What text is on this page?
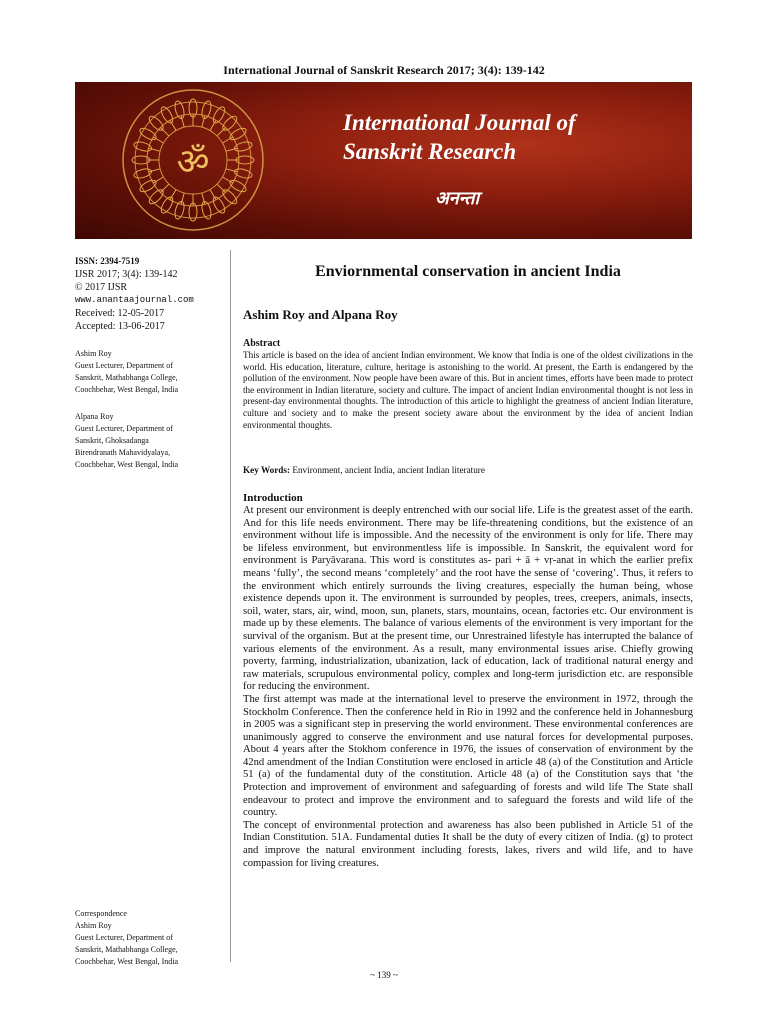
International Journal of Sanskrit Research 2017; 3(4): 139-142
ॐ
International Journal of
Sanskrit Research
अनन्ता
ISSN: 2394-7519
IJSR 2017; 3(4): 139-142
© 2017 IJSR
www.anantaajournal.com
Received: 12-05-2017
Accepted: 13-06-2017
Ashim Roy
Guest Lecturer, Department of
Sanskrit, Mathabhanga College,
Coochbehar, West Bengal, India
Alpana Roy
Guest Lecturer, Department of
Sanskrit, Ghoksadanga
Birendranath Mahavidyalaya,
Coochbehar, West Bengal, India
Enviornmental conservation in ancient India
Ashim Roy and Alpana Roy
Abstract
This article is based on the idea of ancient Indian environment. We know that India is one of the oldest civilizations in the world. His education, literature, culture, heritage is astonishing to the world. At present, the Earth is endangered by the pollution of the environment. Now people have been aware of this. But in ancient times, efforts have been made to protect the environment in Indian literature, society and culture. The impact of ancient Indian environmental thought is not less in present-day environmental thoughts. The introduction of this article to highlight the greatness of ancient Indian literature, culture and society and to make the present society aware about the environment by the idea of ancient Indian environmental thoughts.
Key Words: Environment, ancient India, ancient Indian literature
Introduction

At present our environment is deeply entrenched with our social life. Life is the greatest asset of the earth. And for this life needs environment. There may be life-threatening conditions, but the existence of an environment without life is impossible. And the necessity of the environment is only for life. There may be lifeless environment, but environmentless life is impossible. In Sanskrit, the equivalent word for environment is Paryāvarana. This word is constitutes as- pari + ā + vṛ-anat in which the earlier prefix means ‘fully’, the second means ‘completely’ and the root have the sense of ‘covering’. Thus, it refers to the environment which entirely surrounds the living creatures, especially the human being, whose existence depends upon it. The environment is surrounded by peoples, trees, creepers, animals, insects, soil, water, stars, air, wind, moon, sun, planets, stars, mountains, ocean, factories etc. Our environment is made up by these elements. The balance of various elements of the environment is very important for the survival of the organism. But at the present time, our Unrestrained lifestyle has interrupted the balance of various elements of the environment. As a result, many environmental issues arise. Chiefly growing poverty, farming, industrialization, ubanization, lack of education, lack of traditional natural energy and raw materials, scrupulous environmental policy, complex and long-term jurisdiction etc. are responsible for reducing the environment.

The first attempt was made at the international level to preserve the environment in 1972, through the Stockholm Conference. Then the conference held in Rio in 1992 and the conference held in Johannesburg in 2005 was a significant step in preserving the world environment. These environmental conferences are unanimously aggred to conserve the environment and use natural forces for developmental purposes. About 4 years after the Stokhom conference in 1976, the issues of conservation of environment by the 42nd amendment of the Indian Constitution were enclosed in article 48 (a) of the Constitution and Article 51 (a) of the fundamental duty of the constitution. Article 48 (a) of the Constitution says that ‘the Protection and improvement of environment and safeguarding of forests and wild life The State shall endeavour to protect and improve the environment and to safeguard the forests and wild life of the country.

The concept of environmental protection and awareness has also been published in Article 51 of the Indian Constitution. 51A. Fundamental duties It shall be the duty of every citizen of India. (g) to protect and improve the natural environment including forests, lakes, rivers and wild life, and to have compassion for living creatures.

Correspondence
Ashim Roy
Guest Lecturer, Department of
Sanskrit, Mathabhanga College,
Coochbehar, West Bengal, India
~ 139 ~
